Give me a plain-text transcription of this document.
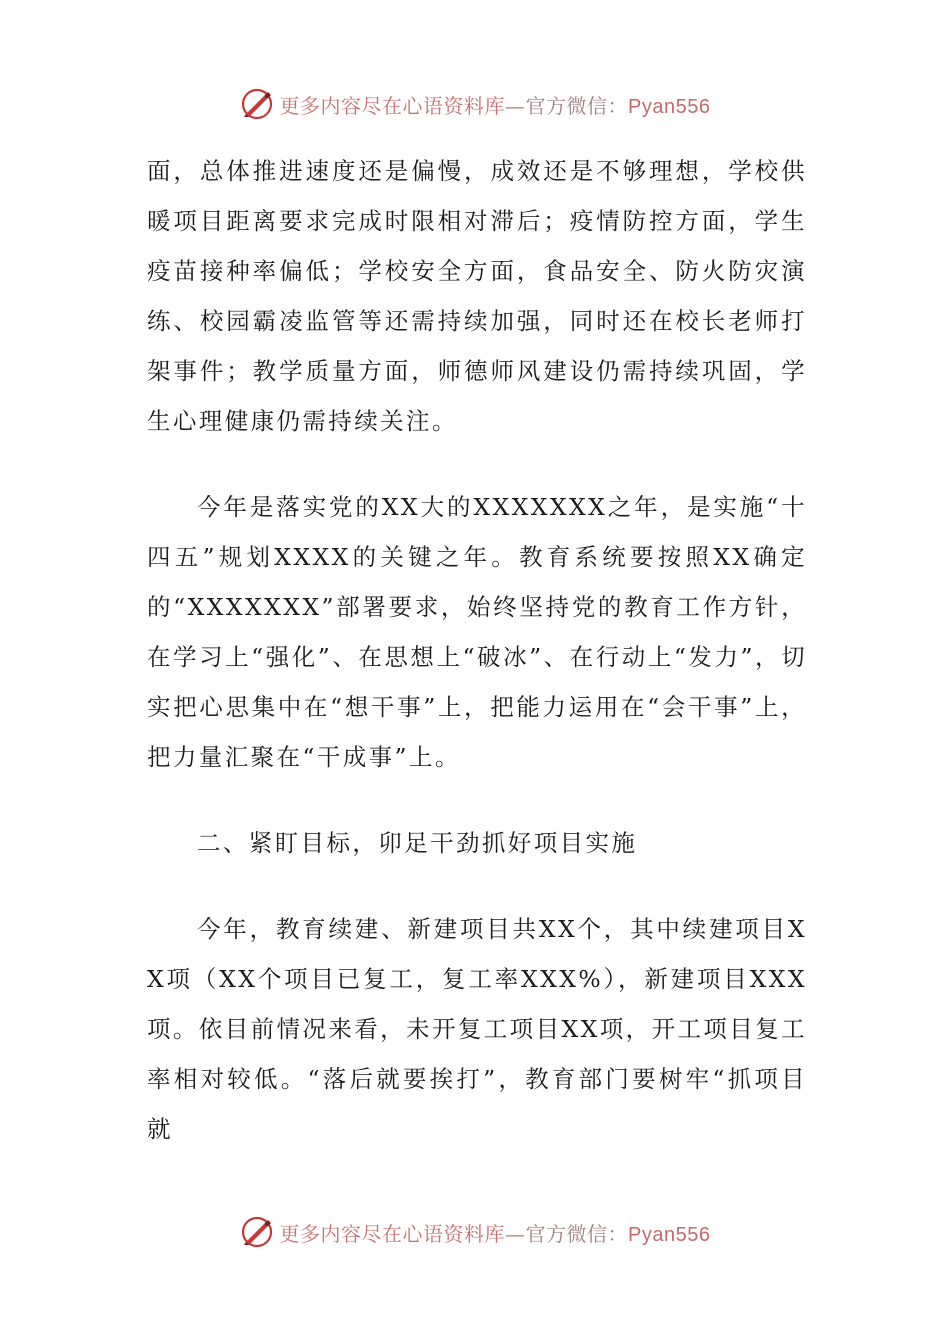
更多内容尽在心语资料库—官方微信：Pyan556

面，总体推进速度还是偏慢，成效还是不够理想，学校供暖项目距离要求完成时限相对滞后；疫情防控方面，学生疫苗接种率偏低；学校安全方面，食品安全、防火防灾演练、校园霸凌监管等还需持续加强，同时还在校长老师打架事件；教学质量方面，师德师风建设仍需持续巩固，学生心理健康仍需持续关注。

今年是落实党的XX大的XXXXXXX之年，是实施“十四五”规划XXXX的关键之年。教育系统要按照XX确定的“XXXXXXX”部署要求，始终坚持党的教育工作方针，在学习上“强化”、在思想上“破冰”、在行动上“发力”，切实把心思集中在“想干事”上，把能力运用在“会干事”上，把力量汇聚在“干成事”上。

二、紧盯目标，卯足干劲抓好项目实施

今年，教育续建、新建项目共XX个，其中续建项目XX项（XX个项目已复工，复工率XXX%），新建项目XXX项。依目前情况来看，未开复工项目XX项，开工项目复工率相对较低。“落后就要挨打”，教育部门要树牢“抓项目就

更多内容尽在心语资料库—官方微信：Pyan556
